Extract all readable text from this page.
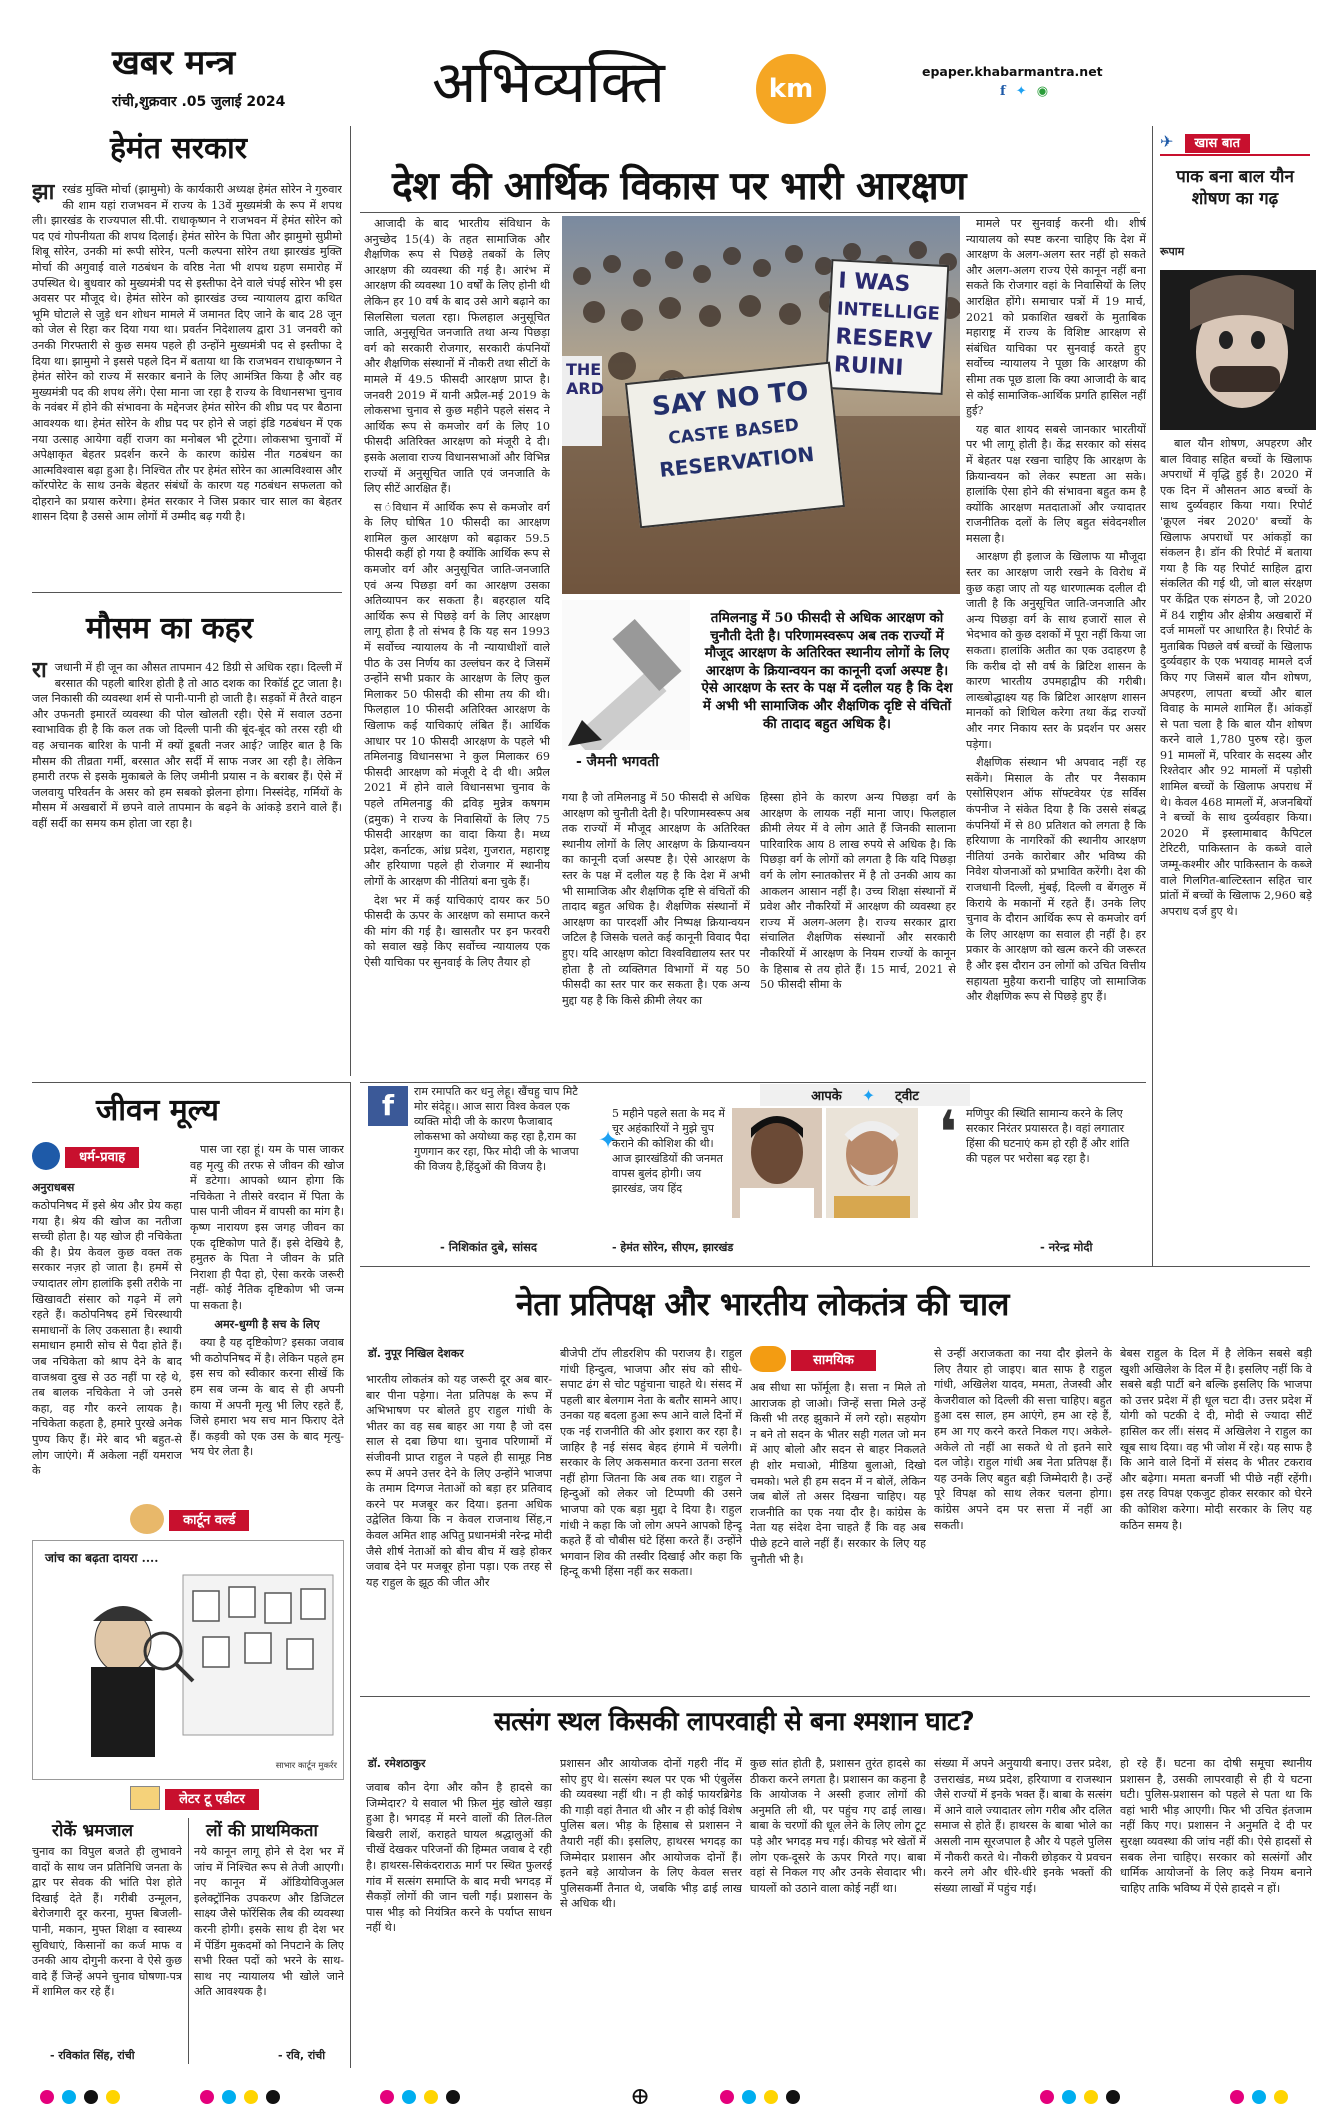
खबर मन्त्र
रांची,शुक्रवार .05 जुलाई 2024	अभिव्यक्ति	km
epaper.khabarmantra.net
f ✦ ◉
हेमंत सरकार
झा रखंड मुक्ति मोर्चा (झामुमो) के कार्यकारी अध्यक्ष हेमंत सोरेन ने गुरुवार की शाम यहां राजभवन में राज्य के 13वें मुख्यमंत्री के रूप में शपथ ली। झारखंड के राज्यपाल सी.पी. राधाकृष्णन ने राजभवन में हेमंत सोरेन को पद एवं गोपनीयता की शपथ दिलाई। हेमंत सोरेन के पिता और झामुमो सुप्रीमो शिबू सोरेन, उनकी मां रूपी सोरेन, पत्नी कल्पना सोरेन तथा झारखंड मुक्ति मोर्चा की अगुवाई वाले गठबंधन के वरिष्ठ नेता भी शपथ ग्रहण समारोह में उपस्थित थे। बुधवार को मुख्यमंत्री पद से इस्तीफा देने वाले चंपई सोरेन भी इस अवसर पर मौजूद थे। हेमंत सोरेन को झारखंड उच्च न्यायालय द्वारा कथित भूमि घोटाले से जुड़े धन शोधन मामले में जमानत दिए जाने के बाद 28 जून को जेल से रिहा कर दिया गया था। प्रवर्तन निदेशालय द्वारा 31 जनवरी को उनकी गिरफ्तारी से कुछ समय पहले ही उन्होंने मुख्यमंत्री पद से इस्तीफा दे दिया था। झामुमो ने इससे पहले दिन में बताया था कि राजभवन राधाकृष्णन ने हेमंत सोरेन को राज्य में सरकार बनाने के लिए आमंत्रित किया है और वह मुख्यमंत्री पद की शपथ लेंगे। ऐसा माना जा रहा है राज्य के विधानसभा चुनाव के नवंबर में होने की संभावना के मद्देनजर हेमंत सोरेन की शीघ्र पद पर बैठाना आवश्यक था। हेमंत सोरेन के शीघ्र पद पर होने से जहां इंडि गठबंधन में एक नया उत्साह आयेगा वहीं राजग का मनोबल भी टूटेगा। लोकसभा चुनावों में अपेक्षाकृत बेहतर प्रदर्शन करने के कारण कांग्रेस नीत गठबंधन का आत्मविश्वास बढ़ा हुआ है। निश्चित तौर पर हेमंत सोरेन का आत्मविश्वास और कॉरपोरेट के साथ उनके बेहतर संबंधों के कारण यह गठबंधन सफलता को दोहराने का प्रयास करेगा। हेमंत सरकार ने जिस प्रकार चार साल का बेहतर शासन दिया है उससे आम लोगों में उम्मीद बढ़ गयी है।
मौसम का कहर
रा जधानी में ही जून का औसत तापमान 42 डिग्री से अधिक रहा। दिल्ली में बरसात की पहली बारिश होती है तो आठ दशक का रिकॉर्ड टूट जाता है। जल निकासी की व्यवस्था शर्म से पानी-पानी हो जाती है। सड़कों में तैरते वाहन और उफनती इमारतें व्यवस्था की पोल खोलती रही। ऐसे में सवाल उठना स्वाभाविक ही है कि कल तक जो दिल्ली पानी की बूंद-बूंद को तरस रही थी वह अचानक बारिश के पानी में क्यों डूबती नजर आई? जाहिर बात है कि मौसम की तीव्रता गर्मी, बरसात और सर्दी में साफ नजर आ रही है। लेकिन हमारी तरफ से इसके मुकाबले के लिए जमीनी प्रयास न के बराबर हैं। ऐसे में जलवायु परिवर्तन के असर को हम सबको झेलना होगा। निस्संदेह, गर्मियों के मौसम में अखबारों में छपने वाले तापमान के बढ़ने के आंकड़े डराने वाले हैं। वहीं सर्दी का समय कम होता जा रहा है।
देश की आर्थिक विकास पर भारी आरक्षण

आजादी के बाद भारतीय संविधान के अनुच्छेद 15(4) के तहत सामाजिक और शैक्षणिक रूप से पिछड़े तबकों के लिए आरक्षण की व्यवस्था की गई है। आरंभ में आरक्षण की व्यवस्था 10 वर्षों के लिए होनी थी लेकिन हर 10 वर्ष के बाद उसे आगे बढ़ाने का सिलसिला चलता रहा। फिलहाल अनुसूचित जाति, अनुसूचित जनजाति तथा अन्य पिछड़ा वर्ग को सरकारी रोजगार, सरकारी कंपनियों और शैक्षणिक संस्थानों में नौकरी तथा सीटों के मामले में 49.5 फीसदी आरक्षण प्राप्त है। जनवरी 2019 में यानी अप्रैल-मई 2019 के लोकसभा चुनाव से कुछ महीने पहले संसद ने आर्थिक रूप से कमजोर वर्ग के लिए 10 फीसदी अतिरिक्त आरक्षण को मंजूरी दे दी। इसके अलावा राज्य विधानसभाओं और विभिन्न राज्यों में अनुसूचित जाति एवं जनजाति के लिए सीटें आरक्षित हैं।

स ंविधान में आर्थिक रूप से कमजोर वर्ग के लिए घोषित 10 फीसदी का आरक्षण शामिल कुल आरक्षण को बढ़ाकर 59.5 फीसदी कहीं हो गया है क्योंकि आर्थिक रूप से कमजोर वर्ग और अनुसूचित जाति-जनजाति एवं अन्य पिछड़ा वर्ग का आरक्षण उसका अतिव्यापन कर सकता है। बहरहाल यदि आर्थिक रूप से पिछड़े वर्ग के लिए आरक्षण लागू होता है तो संभव है कि यह सन 1993 में सर्वोच्च न्यायालय के नौ न्यायाधीशों वाले पीठ के उस निर्णय का उल्लंघन कर दे जिसमें उन्होंने सभी प्रकार के आरक्षण के लिए कुल मिलाकर 50 फीसदी की सीमा तय की थी। फिलहाल 10 फीसदी अतिरिक्त आरक्षण के खिलाफ कई याचिकाएं लंबित हैं। आर्थिक आधार पर 10 फीसदी आरक्षण के पहले भी तमिलनाडु विधानसभा ने कुल मिलाकर 69 फीसदी आरक्षण को मंजूरी दे दी थी। अप्रैल 2021 में होने वाले विधानसभा चुनाव के पहले तमिलनाडु की द्रविड़ मुन्नेत्र कषगम (द्रमुक) ने राज्य के निवासियों के लिए 75 फीसदी आरक्षण का वादा किया है। मध्य प्रदेश, कर्नाटक, आंध्र प्रदेश, गुजरात, महाराष्ट्र और हरियाणा पहले ही रोजगार में स्थानीय लोगों के आरक्षण की नीतियां बना चुके हैं।

देश भर में कई याचिकाएं दायर कर 50 फीसदी के ऊपर के आरक्षण को समाप्त करने की मांग की गई है। खासतौर पर इन फरवरी को सवाल खड़े किए सर्वोच्च न्यायालय एक ऐसी याचिका पर सुनवाई के लिए तैयार हो

I WAS
INTELLIGE
RESERV
RUINI
SAY NO TO
CASTE BASED
RESERVATION
THE
ARD
- जैमनी भगवती
तमिलनाडु में 50 फीसदी से अधिक आरक्षण को चुनौती देती है। परिणामस्वरूप अब तक राज्यों में मौजूद आरक्षण के अतिरिक्त स्थानीय लोगों के लिए आरक्षण के क्रियान्वयन का कानूनी दर्जा अस्पष्ट है। ऐसे आरक्षण के स्तर के पक्ष में दलील यह है कि देश में अभी भी सामाजिक और शैक्षणिक दृष्टि से वंचितों की तादाद बहुत अधिक है।
गया है जो तमिलनाडु में 50 फीसदी से अधिक आरक्षण को चुनौती देती है। परिणामस्वरूप अब तक राज्यों में मौजूद आरक्षण के अतिरिक्त स्थानीय लोगों के लिए आरक्षण के क्रियान्वयन का कानूनी दर्जा अस्पष्ट है। ऐसे आरक्षण के स्तर के पक्ष में दलील यह है कि देश में अभी भी सामाजिक और शैक्षणिक दृष्टि से वंचितों की तादाद बहुत अधिक है। शैक्षणिक संस्थानों में आरक्षण का पारदर्शी और निष्पक्ष क्रियान्वयन जटिल है जिसके चलते कई कानूनी विवाद पैदा हुए। यदि आरक्षण कोटा विश्वविद्यालय स्तर पर होता है तो व्यक्तिगत विभागों में यह 50 फीसदी का स्तर पार कर सकता है। एक अन्य मुद्दा यह है कि किसे क्रीमी लेयर का
हिस्सा होने के कारण अन्य पिछड़ा वर्ग के आरक्षण के लायक नहीं माना जाए। फिलहाल क्रीमी लेयर में वे लोग आते हैं जिनकी सालाना पारिवारिक आय 8 लाख रुपये से अधिक है। कि पिछड़ा वर्ग के लोगों को लगता है कि यदि पिछड़ा वर्ग के लोग स्नातकोत्तर में है तो उनकी आय का आकलन आसान नहीं है। उच्च शिक्षा संस्थानों में प्रवेश और नौकरियों में आरक्षण की व्यवस्था हर राज्य में अलग-अलग है। राज्य सरकार द्वारा संचालित शैक्षणिक संस्थानों और सरकारी नौकरियों में आरक्षण के नियम राज्यों के कानून के हिसाब से तय होते हैं। 15 मार्च, 2021 से 50 फीसदी सीमा के

मामले पर सुनवाई करनी थी। शीर्ष न्यायालय को स्पष्ट करना चाहिए कि देश में आरक्षण के अलग-अलग स्तर नहीं हो सकते और अलग-अलग राज्य ऐसे कानून नहीं बना सकते कि रोजगार वहां के निवासियों के लिए आरक्षित होंगे। समाचार पत्रों में 19 मार्च, 2021 को प्रकाशित खबरों के मुताबिक महाराष्ट्र में राज्य के विशिष्ट आरक्षण से संबंधित याचिका पर सुनवाई करते हुए सर्वोच्च न्यायालय ने पूछा कि आरक्षण की सीमा तक पूछ डाला कि क्या आजादी के बाद से कोई सामाजिक-आर्थिक प्रगति हासिल नहीं हुई?

यह बात शायद सबसे जानकार भारतीयों पर भी लागू होती है। केंद्र सरकार को संसद में बेहतर पक्ष रखना चाहिए कि आरक्षण के क्रियान्वयन को लेकर स्पष्टता आ सके। हालांकि ऐसा होने की संभावना बहुत कम है क्योंकि आरक्षण मतदाताओं और ज्यादातर राजनीतिक दलों के लिए बहुत संवेदनशील मसला है।

आरक्षण ही इलाज के खिलाफ या मौजूदा स्तर का आरक्षण जारी रखने के विरोध में कुछ कहा जाए तो यह धारणात्मक दलील दी जाती है कि अनुसूचित जाति-जनजाति और अन्य पिछड़ा वर्ग के साथ हजारों साल से भेदभाव को कुछ दशकों में पूरा नहीं किया जा सकता। हालांकि अतीत का एक उदाहरण है कि करीब दो सौ वर्ष के ब्रिटिश शासन के कारण भारतीय उपमहाद्वीप की गरीबी। लाख्बोद्धाक्ष्य यह कि ब्रिटिश आरक्षण शासन मानकों को शिथिल करेगा तथा केंद्र राज्यों और नगर निकाय स्तर के प्रदर्शन पर असर पड़ेगा।

शैक्षणिक संस्थान भी अपवाद नहीं रह सकेंगे। मिसाल के तौर पर नैसकाम एसोसिएशन ऑफ सॉफ्टवेयर एंड सर्विस कंपनीज ने संकेत दिया है कि उससे संबद्ध कंपनियों में से 80 प्रतिशत को लगता है कि हरियाणा के नागरिकों की स्थानीय आरक्षण नीतियां उनके कारोबार और भविष्य की निवेश योजनाओं को प्रभावित करेंगी। देश की राजधानी दिल्ली, मुंबई, दिल्ली व बेंगलुरु में किराये के मकानों में रहते हैं। उनके लिए चुनाव के दौरान आर्थिक रूप से कमजोर वर्ग के लिए आरक्षण का सवाल ही नहीं है। हर प्रकार के आरक्षण को खत्म करने की जरूरत है और इस दौरान उन लोगों को उचित वित्तीय सहायता मुहैया करानी चाहिए जो सामाजिक और शैक्षणिक रूप से पिछड़े हुए हैं।

✈ खास बात
पाक बना बाल यौन शोषण का गढ़
रूपाम
बाल यौन शोषण, अपहरण और बाल विवाह सहित बच्चों के खिलाफ अपराधों में वृद्धि हुई है। 2020 में एक दिन में औसतन आठ बच्चों के साथ दुर्व्यवहार किया गया। रिपोर्ट 'क्रूएल नंबर 2020' बच्चों के खिलाफ अपराधों पर आंकड़ों का संकलन है। डॉन की रिपोर्ट में बताया गया है कि यह रिपोर्ट साहिल द्वारा संकलित की गई थी, जो बाल संरक्षण पर केंद्रित एक संगठन है, जो 2020 में 84 राष्ट्रीय और क्षेत्रीय अखबारों में दर्ज मामलों पर आधारित है। रिपोर्ट के मुताबिक पिछले वर्ष बच्चों के खिलाफ दुर्व्यवहार के एक भयावह मामले दर्ज किए गए जिसमें बाल यौन शोषण, अपहरण, लापता बच्चों और बाल विवाह के मामले शामिल हैं। आंकड़ों से पता चला है कि बाल यौन शोषण करने वाले 1,780 पुरुष रहे। कुल 91 मामलों में, परिवार के सदस्य और रिश्तेदार और 92 मामलों में पड़ोसी शामिल बच्चों के खिलाफ अपराध में थे। केवल 468 मामलों में, अजनबियों ने बच्चों के साथ दुर्व्यवहार किया। 2020 में इस्लामाबाद कैपिटल टेरिटरी, पाकिस्तान के कब्जे वाले जम्मू-कश्मीर और पाकिस्तान के कब्जे वाले गिलगित-बाल्टिस्तान सहित चार प्रांतों में बच्चों के खिलाफ 2,960 बड़े अपराध दर्ज हुए थे।
आपके ✦ ट्वीट
f	राम रमापति कर धनु लेहू। खैंचहु चाप मिटै मोर संदेहू।। आज सारा विश्व केवल एक व्यक्ति मोदी जी के कारण फैजाबाद लोकसभा को अयोध्या कह रहा है,राम का गुणगान कर रहा, फिर मोदी जी के भाजपा की विजय है,हिंदुओं की विजय है।
- निशिकांत दुबे, सांसद
✦
5 महीने पहले सता के मद में चूर अहंकारियों ने मुझे चुप कराने की कोशिश की थी। आज झारखंडियों की जनमत वापस बुलंद होगी। जय झारखंड, जय हिंद
- हेमंत सोरेन, सीएम, झारखंड
❛ मणिपुर की स्थिति सामान्य करने के लिए सरकार निरंतर प्रयासरत है। वहां लगातार हिंसा की घटनाएं कम हो रही हैं और शांति की पहल पर भरोसा बढ़ रहा है।
- नरेन्द्र मोदी
जीवन मूल्य
धर्म-प्रवाह
अनुराधबस
कठोपनिषद में इसे श्रेय और प्रेय कहा गया है। श्रेय की खोज का नतीजा सच्ची होता है। यह खोज ही नचिकेता की है। प्रेय केवल कुछ वक्त तक सरकार नज़र हो जाता है। हममें से ज्यादातर लोग हालांकि इसी तरीके ना खिखावटी संसार को गढ़ने में लगे रहते हैं। कठोपनिषद हमें चिरस्थायी समाधानों के लिए उकसाता है। स्थायी समाधान हमारी सोच से पैदा होते हैं। जब नचिकेता को श्राप देने के बाद वाजश्रवा दुख से उठ नहीं पा रहे थे, तब बालक नचिकेता ने जो उनसे कहा, वह गौर करने लायक है। नचिकेता कहता है, हमारे पुरखे अनेक पुण्य किए हैं। मेरे बाद भी बहुत-से लोग जाएंगे। मैं अकेला नहीं यमराज के

पास जा रहा हूं। यम के पास जाकर वह मृत्यु की तरफ से जीवन की खोज में डटेगा। आपको ध्यान होगा कि नचिकेता ने तीसरे वरदान में पिता के पास पानी जीवन में वापसी का मांग है। कृष्ण नारायण इस जगह जीवन का एक दृष्टिकोण पाते हैं। इसे देखिये है, हमुतरु के पिता ने जीवन के प्रति निराशा ही पैदा हो, ऐसा करके जरूरी नहीं- कोई नैतिक दृष्टिकोण भी जन्म पा सकता है।

अमर-धुग्गी है सच के लिए

क्या है यह दृष्टिकोण? इसका जवाब भी कठोपनिषद में है। लेकिन पहले हम इस सच को स्वीकार करना सीखें कि हम सब जन्म के बाद से ही अपनी काया में अपनी मृत्यु भी लिए रहते हैं, जिसे हमारा भय सच मान फिराए देते हैं। कड़वी को एक उस के बाद मृत्यु-भय घेर लेता है।

कार्टून वर्ल्ड
जांच का बढ़ता दायरा ....
साभार कार्टून मुकर्रर
लेटर टू एडीटर
रोकें भ्रमजाल
चुनाव का विपुल बजते ही लुभावने वादों के साथ जन प्रतिनिधि जनता के द्वार पर सेवक की भांति पेश होते दिखाई देते हैं। गरीबी उन्मूलन, बेरोजगारी दूर करना, मुफ्त बिजली-पानी, मकान, मुफ्त शिक्षा व स्वास्थ्य सुविधाएं, किसानों का कर्ज माफ व उनकी आय दोगुनी करना वे ऐसे कुछ वादे हैं जिन्हें अपने चुनाव घोषणा-पत्र में शामिल कर रहे हैं।
- रविकांत सिंह, रांची
लों की प्राथमिकता
नये कानून लागू होने से देश भर में जांच में निश्चित रूप से तेजी आएगी। नए कानून में ऑडियोविजुअल इलेक्ट्रॉनिक उपकरण और डिजिटल साक्ष्य जैसे फॉरेंसिक लैब की व्यवस्था करनी होगी। इसके साथ ही देश भर में पेंडिंग मुकदमों को निपटाने के लिए सभी रिक्त पदों को भरने के साथ-साथ नए न्यायालय भी खोले जाने अति आवश्यक है।
- रवि, रांची
नेता प्रतिपक्ष और भारतीय लोकतंत्र की चाल
डॉ. नुपूर निखिल देशकर
भारतीय लोकतंत्र को यह जरूरी दूर अब बार-बार पीना पड़ेगा। नेता प्रतिपक्ष के रूप में अभिभाषण पर बोलते हुए राहुल गांधी के भीतर का वह सब बाहर आ गया है जो दस साल से दबा छिपा था। चुनाव परिणामों में संजीवनी प्राप्त राहुल ने पहले ही सामूह निष्ठ रूप में अपने उत्तर देने के लिए उन्होंने भाजपा के तमाम दिग्गज नेताओं को बड़ा हर प्रतिवाद करने पर मजबूर कर दिया। इतना अधिक उद्वेलित किया कि न केवल राजनाथ सिंह,न केवल अमित शाह अपितु प्रधानमंत्री नरेन्द्र मोदी जैसे शीर्ष नेताओं को बीच बीच में खड़े होकर जवाब देने पर मजबूर होना पड़ा। एक तरह से यह राहुल के झूठ की जीत और
बीजेपी टॉप लीडरशिप की पराजय है। राहुल गांधी हिन्दुत्व, भाजपा और संघ को सीधे-सपाट ढंग से चोट पहुंचाना चाहते थे। संसद में पहली बार बेलगाम नेता के बतौर सामने आए। उनका यह बदला हुआ रूप आने वाले दिनों में एक नई राजनीति की ओर इशारा कर रहा है। जाहिर है नई संसद बेहद हंगामे में चलेगी। सरकार के लिए अकसमात करना उतना सरल नहीं होगा जितना कि अब तक था। राहुल ने हिन्दुओं को लेकर जो टिप्पणी की उसने भाजपा को एक बड़ा मुद्दा दे दिया है। राहुल गांधी ने कहा कि जो लोग अपने आपको हिन्दू कहते हैं वो चौबीस घंटे हिंसा करते हैं। उन्होंने भगवान शिव की तस्वीर दिखाई और कहा कि हिन्दू कभी हिंसा नहीं कर सकता।
सामयिक
अब सीधा सा फॉर्मूला है। सत्ता न मिले तो आराजक हो जाओ। जिन्हें सत्ता मिले उन्हें किसी भी तरह झुकाने में लगे रहो। सहयोग न बने तो सदन के भीतर सही गलत जो मन में आए बोलो और सदन से बाहर निकलते ही शोर मचाओ, मीडिया बुलाओ, दिखो चमको। भले ही हम सदन में न बोलें, लेकिन जब बोलें तो असर दिखना चाहिए। यह राजनीति का एक नया दौर है। कांग्रेस के नेता यह संदेश देना चाहते हैं कि वह अब पीछे हटने वाले नहीं हैं। सरकार के लिए यह चुनौती भी है।
से उन्हीं अराजकता का नया दौर झेलने के लिए तैयार हो जाइए। बात साफ है राहुल गांधी, अखिलेश यादव, ममता, तेजस्वी और केजरीवाल को दिल्ली की सत्ता चाहिए। बहुत हुआ दस साल, हम आएंगे, हम आ रहे हैं, हम आ गए करने करते निकल गए। अकेले-अकेले तो नहीं आ सकते थे तो इतने सारे दल जोड़े। राहुल गांधी अब नेता प्रतिपक्ष हैं। यह उनके लिए बहुत बड़ी जिम्मेदारी है। उन्हें पूरे विपक्ष को साथ लेकर चलना होगा। कांग्रेस अपने दम पर सत्ता में नहीं आ सकती।
बेबस राहुल के दिल में है लेकिन सबसे बड़ी खुशी अखिलेश के दिल में है। इसलिए नहीं कि वे सबसे बड़ी पार्टी बने बल्कि इसलिए कि भाजपा को उत्तर प्रदेश में ही धूल चटा दी। उत्तर प्रदेश में योगी को पटकी दे दी, मोदी से ज्यादा सीटें हासिल कर लीं। संसद में अखिलेश ने राहुल का खूब साथ दिया। वह भी जोश में रहे। यह साफ है कि आने वाले दिनों में संसद के भीतर टकराव और बढ़ेगा। ममता बनर्जी भी पीछे नहीं रहेंगी। इस तरह विपक्ष एकजुट होकर सरकार को घेरने की कोशिश करेगा। मोदी सरकार के लिए यह कठिन समय है।
सत्संग स्थल किसकी लापरवाही से बना श्मशान घाट?
डॉ. रमेशठाकुर
जवाब कौन देगा और कौन है हादसे का जिम्मेदार? ये सवाल भी फ़िल मुंह खोले खड़ा हुआ है। भगदड़ में मरने वालों की तिल-तिल बिखरी लाशें, कराहते घायल श्रद्धालुओं की चीखें देखकर परिजनों की हिम्मत जवाब दे रही है। हाथरस-सिकंदराराऊ मार्ग पर स्थित फुलरई गांव में सत्संग समाप्ति के बाद मची भगदड़ में सैकड़ों लोगों की जान चली गई। प्रशासन के पास भीड़ को नियंत्रित करने के पर्याप्त साधन नहीं थे।
प्रशासन और आयोजक दोनों गहरी नींद में सोए हुए थे। सत्संग स्थल पर एक भी एंबुलेंस की व्यवस्था नहीं थी। न ही कोई फायरब्रिगेड की गाड़ी वहां तैनात थी और न ही कोई विशेष पुलिस बल। भीड़ के हिसाब से प्रशासन ने तैयारी नहीं की। इसलिए, हाथरस भगदड़ का जिम्मेदार प्रशासन और आयोजक दोनों हैं। इतने बड़े आयोजन के लिए केवल सत्तर पुलिसकर्मी तैनात थे, जबकि भीड़ ढाई लाख से अधिक थी।
कुछ सांत होती है, प्रशासन तुरंत हादसे का ठीकरा करने लगता है। प्रशासन का कहना है कि आयोजक ने अस्सी हजार लोगों की अनुमति ली थी, पर पहुंच गए ढाई लाख। बाबा के चरणों की धूल लेने के लिए लोग टूट पड़े और भगदड़ मच गई। कीचड़ भरे खेतों में लोग एक-दूसरे के ऊपर गिरते गए। बाबा वहां से निकल गए और उनके सेवादार भी। घायलों को उठाने वाला कोई नहीं था।
संख्या में अपने अनुयायी बनाए। उत्तर प्रदेश, उत्तराखंड, मध्य प्रदेश, हरियाणा व राजस्थान जैसे राज्यों में इनके भक्त हैं। बाबा के सत्संग में आने वाले ज्यादातर लोग गरीब और दलित समाज से होते हैं। हाथरस के बाबा भोले का असली नाम सूरजपाल है और ये पहले पुलिस में नौकरी करते थे। नौकरी छोड़कर ये प्रवचन करने लगे और धीरे-धीरे इनके भक्तों की संख्या लाखों में पहुंच गई।
हो रहे हैं। घटना का दोषी समूचा स्थानीय प्रशासन है, उसकी लापरवाही से ही ये घटना घटी। पुलिस-प्रशासन को पहले से पता था कि वहां भारी भीड़ आएगी। फिर भी उचित इंतजाम नहीं किए गए। प्रशासन ने अनुमति दे दी पर सुरक्षा व्यवस्था की जांच नहीं की। ऐसे हादसों से सबक लेना चाहिए। सरकार को सत्संगों और धार्मिक आयोजनों के लिए कड़े नियम बनाने चाहिए ताकि भविष्य में ऐसे हादसे न हों।
⊕
